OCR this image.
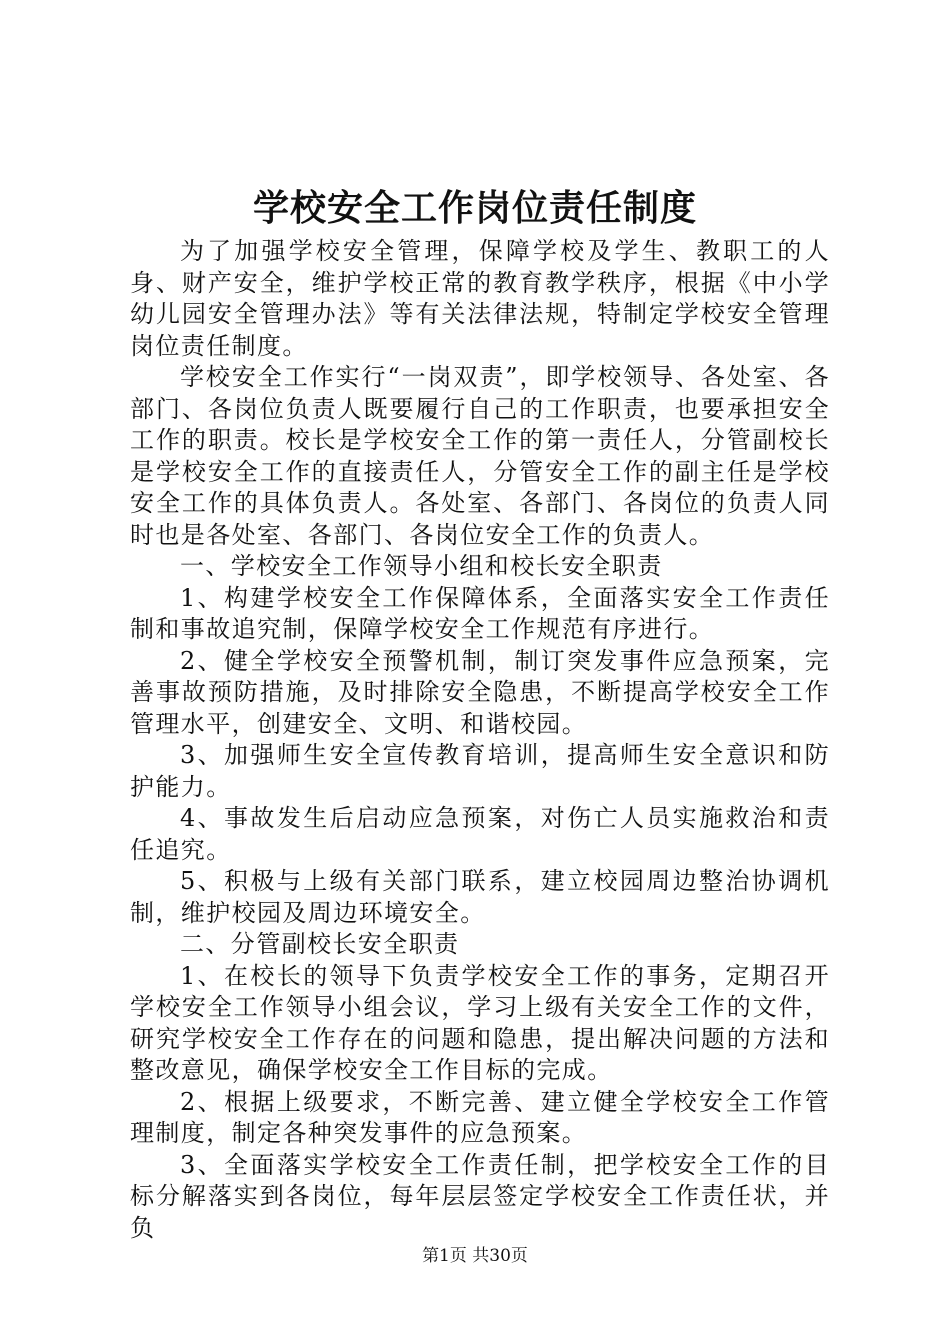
学校安全工作岗位责任制度

为了加强学校安全管理，保障学校及学生、教职工的人身、财产安全，维护学校正常的教育教学秩序，根据《中小学幼儿园安全管理办法》等有关法律法规，特制定学校安全管理岗位责任制度。

学校安全工作实行“一岗双责”，即学校领导、各处室、各部门、各岗位负责人既要履行自己的工作职责，也要承担安全工作的职责。校长是学校安全工作的第一责任人，分管副校长是学校安全工作的直接责任人，分管安全工作的副主任是学校安全工作的具体负责人。各处室、各部门、各岗位的负责人同时也是各处室、各部门、各岗位安全工作的负责人。

一、学校安全工作领导小组和校长安全职责

1、构建学校安全工作保障体系，全面落实安全工作责任制和事故追究制，保障学校安全工作规范有序进行。

2、健全学校安全预警机制，制订突发事件应急预案，完善事故预防措施，及时排除安全隐患，不断提高学校安全工作管理水平，创建安全、文明、和谐校园。

3、加强师生安全宣传教育培训，提高师生安全意识和防护能力。

4、事故发生后启动应急预案，对伤亡人员实施救治和责任追究。

5、积极与上级有关部门联系，建立校园周边整治协调机制，维护校园及周边环境安全。

二、分管副校长安全职责

1、在校长的领导下负责学校安全工作的事务，定期召开学校安全工作领导小组会议，学习上级有关安全工作的文件，研究学校安全工作存在的问题和隐患，提出解决问题的方法和整改意见，确保学校安全工作目标的完成。

2、根据上级要求，不断完善、建立健全学校安全工作管理制度，制定各种突发事件的应急预案。

3、全面落实学校安全工作责任制，把学校安全工作的目标分解落实到各岗位，每年层层签定学校安全工作责任状，并负

第1页 共30页
